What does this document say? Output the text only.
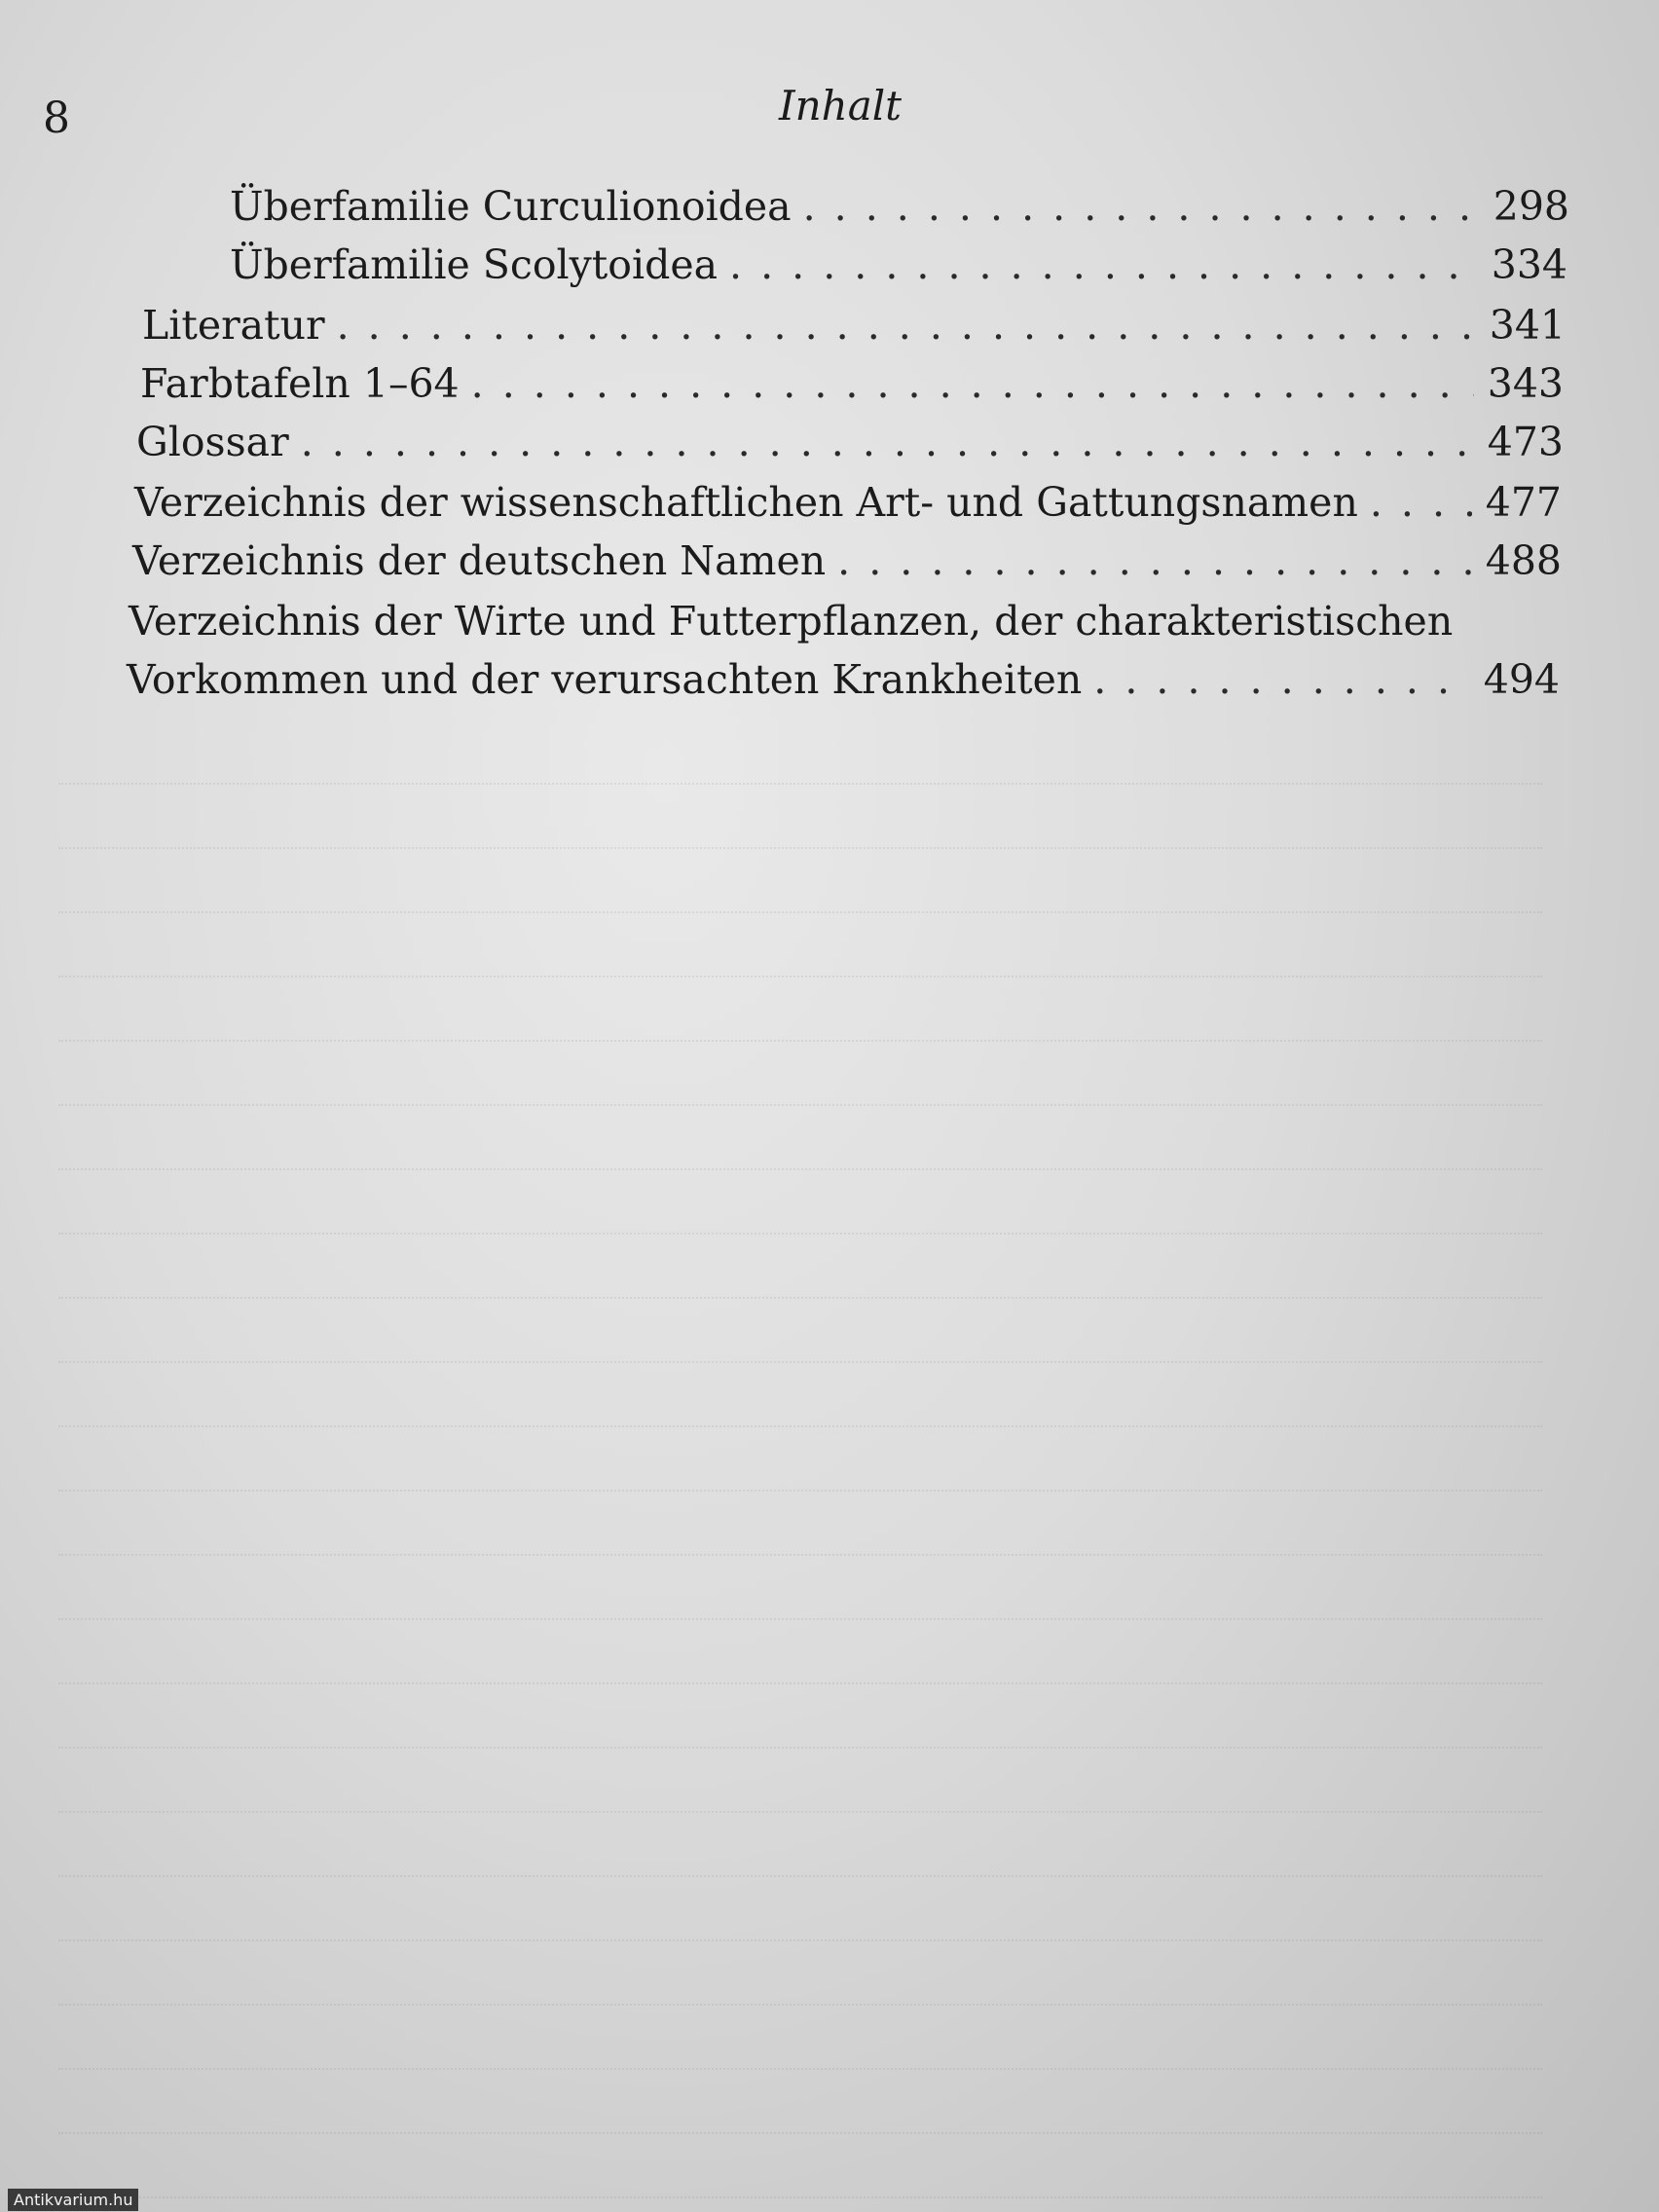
8	Inhalt
Überfamilie Curculionoidea . . .	298
Überfamilie Scolytoidea . . .	334
Literatur . . .	341
Farbtafeln 1–64 . . .	343
Glossar . . .	473
Verzeichnis der wissenschaftlichen Art- und Gattungsnamen . . .	477
Verzeichnis der deutschen Namen . . .	488
Verzeichnis der Wirte und Futterpflanzen, der charakteristischen
Vorkommen und der verursachten Krankheiten . . .	494
Antikvarium.hu
